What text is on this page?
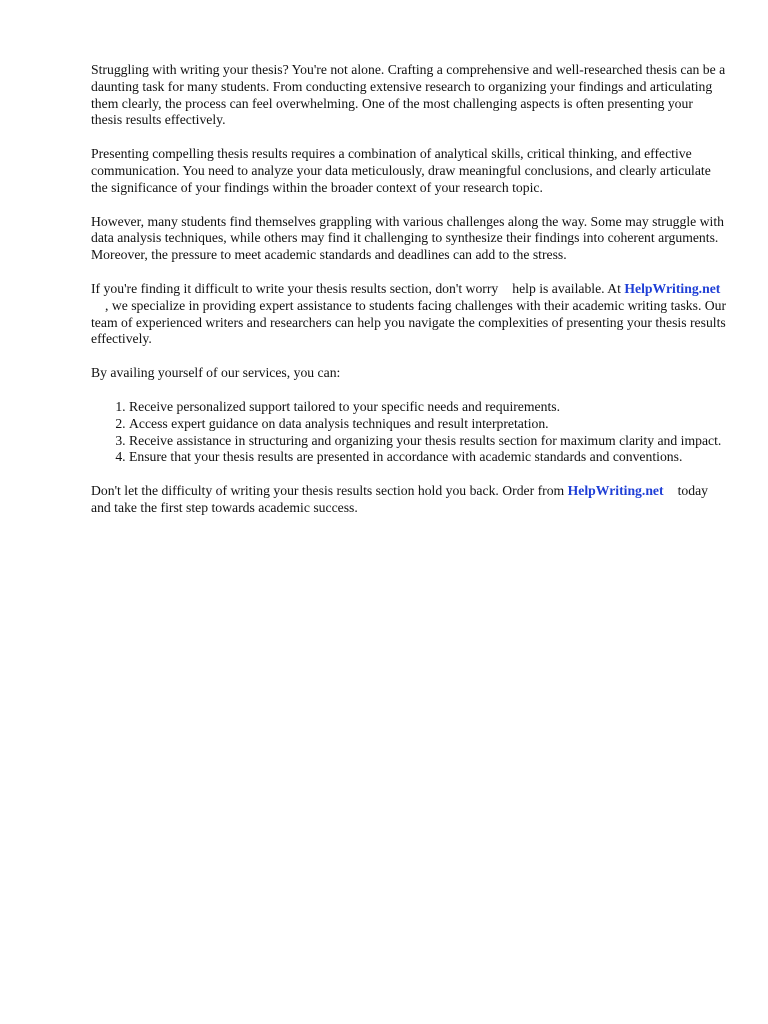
Struggling with writing your thesis? You're not alone. Crafting a comprehensive and well-researched thesis can be a daunting task for many students. From conducting extensive research to organizing your findings and articulating them clearly, the process can feel overwhelming. One of the most challenging aspects is often presenting your thesis results effectively.

Presenting compelling thesis results requires a combination of analytical skills, critical thinking, and effective communication. You need to analyze your data meticulously, draw meaningful conclusions, and clearly articulate the significance of your findings within the broader context of your research topic.

However, many students find themselves grappling with various challenges along the way. Some may struggle with data analysis techniques, while others may find it challenging to synthesize their findings into coherent arguments. Moreover, the pressure to meet academic standards and deadlines can add to the stress.

If you're finding it difficult to write your thesis results section, don't worry help is available. At HelpWriting.net, we specialize in providing expert assistance to students facing challenges with their academic writing tasks. Our team of experienced writers and researchers can help you navigate the complexities of presenting your thesis results effectively.

By availing yourself of our services, you can:

1. Receive personalized support tailored to your specific needs and requirements.
2. Access expert guidance on data analysis techniques and result interpretation.
3. Receive assistance in structuring and organizing your thesis results section for maximum clarity and impact.
4. Ensure that your thesis results are presented in accordance with academic standards and conventions.

Don't let the difficulty of writing your thesis results section hold you back. Order from HelpWriting.net today and take the first step towards academic success.
